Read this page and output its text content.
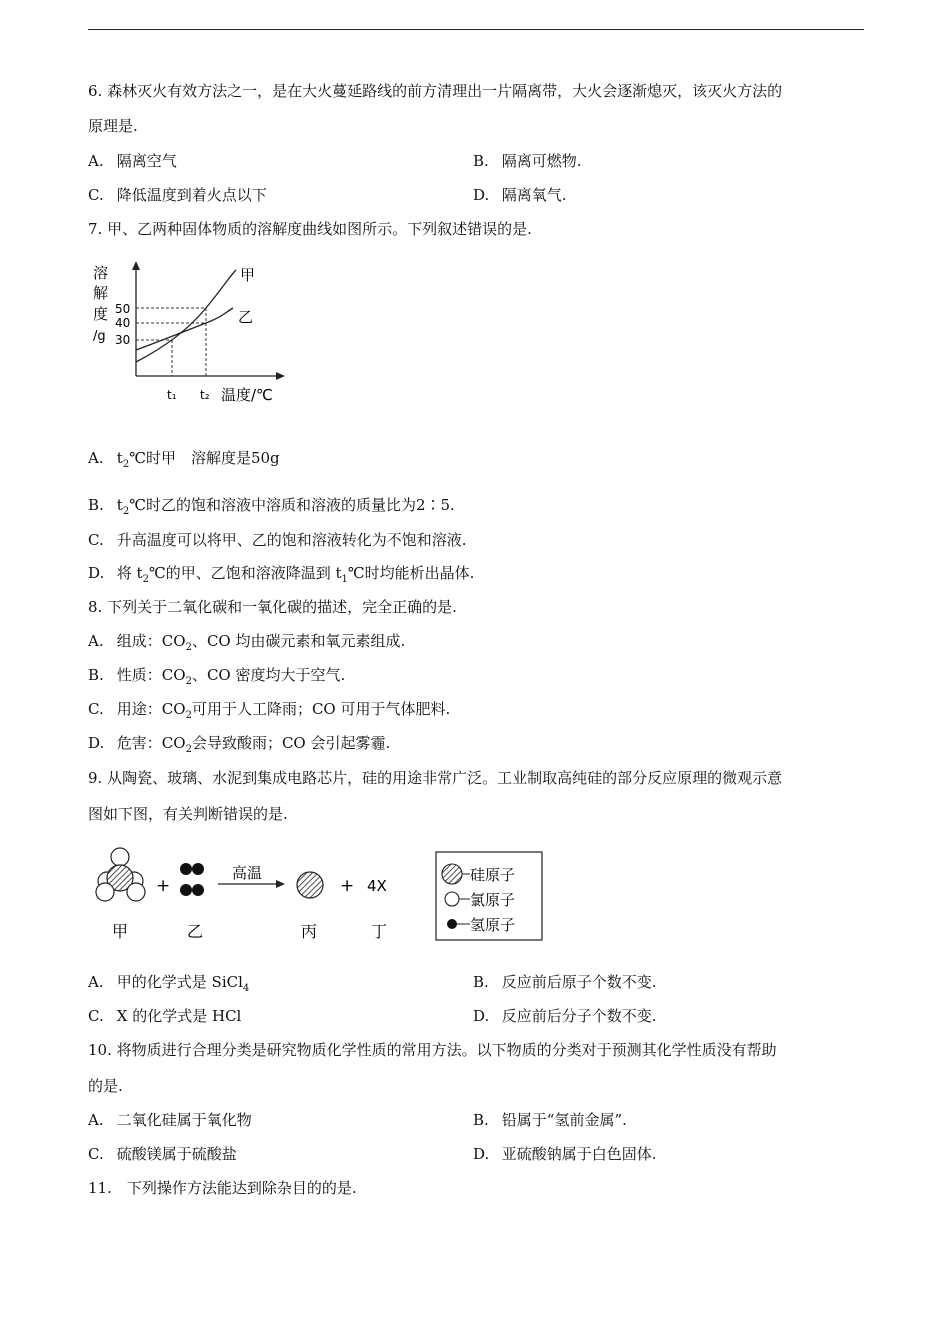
6. 森林灭火有效方法之一，是在大火蔓延路线的前方清理出一片隔离带，大火会逐渐熄灭，该灭火方法的
原理是.
A. 隔离空气	B. 隔离可燃物.
C. 降低温度到着火点以下	D. 隔离氧气.
7. 甲、乙两种固体物质的溶解度曲线如图所示。下列叙述错误的是.
溶
解
度
/g
50
40
30
甲
乙
t₁ t₂ 温度/℃
A. $t_2℃$时甲　溶解度是50g
B. $t_2℃$时乙的饱和溶液中溶质和溶液的质量比为2∶5.
C. 升高温度可以将甲、乙的饱和溶液转化为不饱和溶液.
D. 将 $t_2℃$的甲、乙饱和溶液降温到 $t_1℃$时均能析出晶体.
8. 下列关于二氧化碳和一氧化碳的描述，完全正确的是.
A. 组成：$CO_2$、CO 均由碳元素和氧元素组成.
B. 性质：$CO_2$、CO 密度均大于空气.
C. 用途：$CO_2$可用于人工降雨；CO 可用于气体肥料.
D. 危害：$CO_2$会导致酸雨；CO 会引起雾霾.
9. 从陶瓷、玻璃、水泥到集成电路芯片，硅的用途非常广泛。工业制取高纯硅的部分反应原理的微观示意
图如下图，有关判断错误的是.
+
高温
+ 4X
甲	乙	丙	丁
硅原子
氯原子
氢原子
A. 甲的化学式是 SiCl$_4$	B. 反应前后原子个数不变.
C. X 的化学式是 HCl	D. 反应前后分子个数不变.
10. 将物质进行合理分类是研究物质化学性质的常用方法。以下物质的分类对于预测其化学性质没有帮助
的是.
A. 二氧化硅属于氧化物	B. 铅属于“氢前金属”.
C. 硫酸镁属于硫酸盐	D. 亚硫酸钠属于白色固体.
11.　下列操作方法能达到除杂目的的是.
